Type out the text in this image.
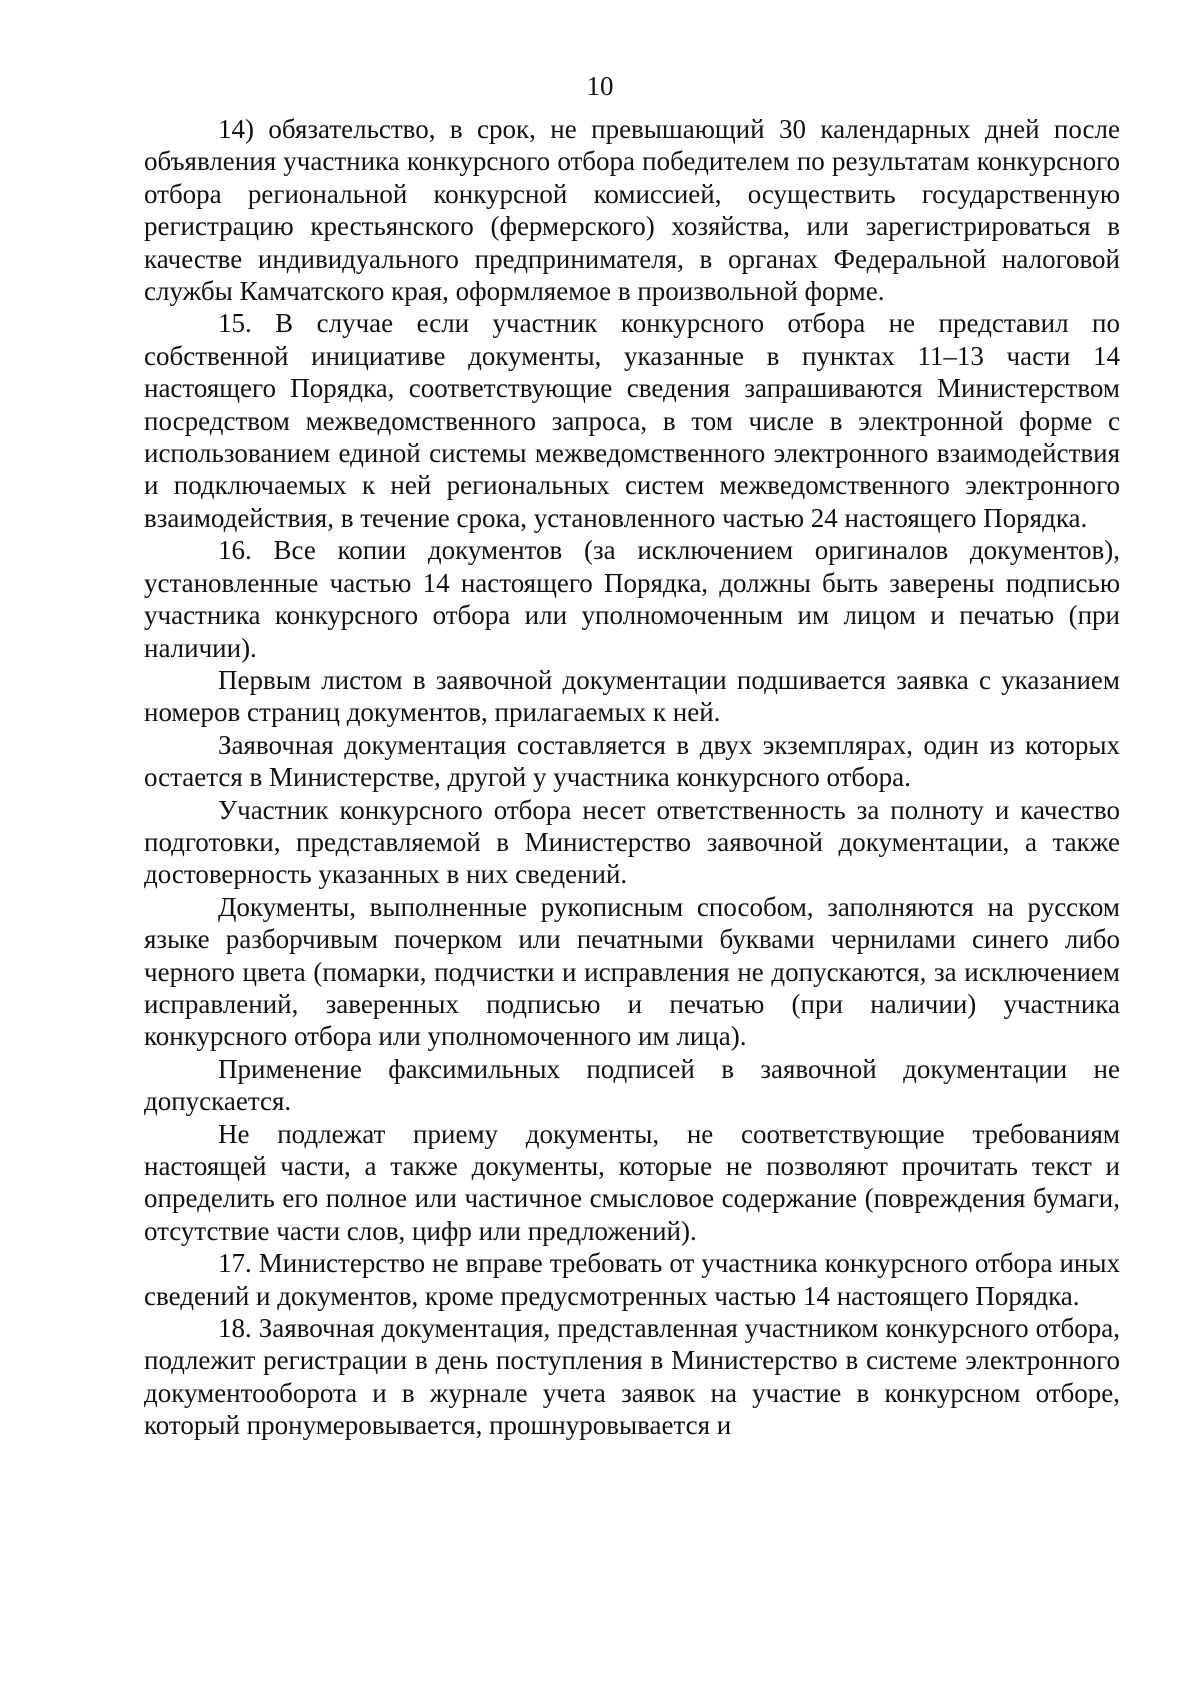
10

14) обязательство, в срок, не превышающий 30 календарных дней после объявления участника конкурсного отбора победителем по результатам конкурсного отбора региональной конкурсной комиссией, осуществить государственную регистрацию крестьянского (фермерского) хозяйства, или зарегистрироваться в качестве индивидуального предпринимателя, в органах Федеральной налоговой службы Камчатского края, оформляемое в произвольной форме.

15. В случае если участник конкурсного отбора не представил по собственной инициативе документы, указанные в пунктах 11–13 части 14 настоящего Порядка, соответствующие сведения запрашиваются Министерством посредством межведомственного запроса, в том числе в электронной форме с использованием единой системы межведомственного электронного взаимодействия и подключаемых к ней региональных систем межведомственного электронного взаимодействия, в течение срока, установленного частью 24 настоящего Порядка.

16. Все копии документов (за исключением оригиналов документов), установленные частью 14 настоящего Порядка, должны быть заверены подписью участника конкурсного отбора или уполномоченным им лицом и печатью (при наличии).

Первым листом в заявочной документации подшивается заявка с указанием номеров страниц документов, прилагаемых к ней.

Заявочная документация составляется в двух экземплярах, один из которых остается в Министерстве, другой у участника конкурсного отбора.

Участник конкурсного отбора несет ответственность за полноту и качество подготовки, представляемой в Министерство заявочной документации, а также достоверность указанных в них сведений.

Документы, выполненные рукописным способом, заполняются на русском языке разборчивым почерком или печатными буквами чернилами синего либо черного цвета (помарки, подчистки и исправления не допускаются, за исключением исправлений, заверенных подписью и печатью (при наличии) участника конкурсного отбора или уполномоченного им лица).

Применение факсимильных подписей в заявочной документации не допускается.

Не подлежат приему документы, не соответствующие требованиям настоящей части, а также документы, которые не позволяют прочитать текст и определить его полное или частичное смысловое содержание (повреждения бумаги, отсутствие части слов, цифр или предложений).

17. Министерство не вправе требовать от участника конкурсного отбора иных сведений и документов, кроме предусмотренных частью 14 настоящего Порядка.

18. Заявочная документация, представленная участником конкурсного отбора, подлежит регистрации в день поступления в Министерство в системе электронного документооборота и в журнале учета заявок на участие в конкурсном отборе, который пронумеровывается, прошнуровывается и
